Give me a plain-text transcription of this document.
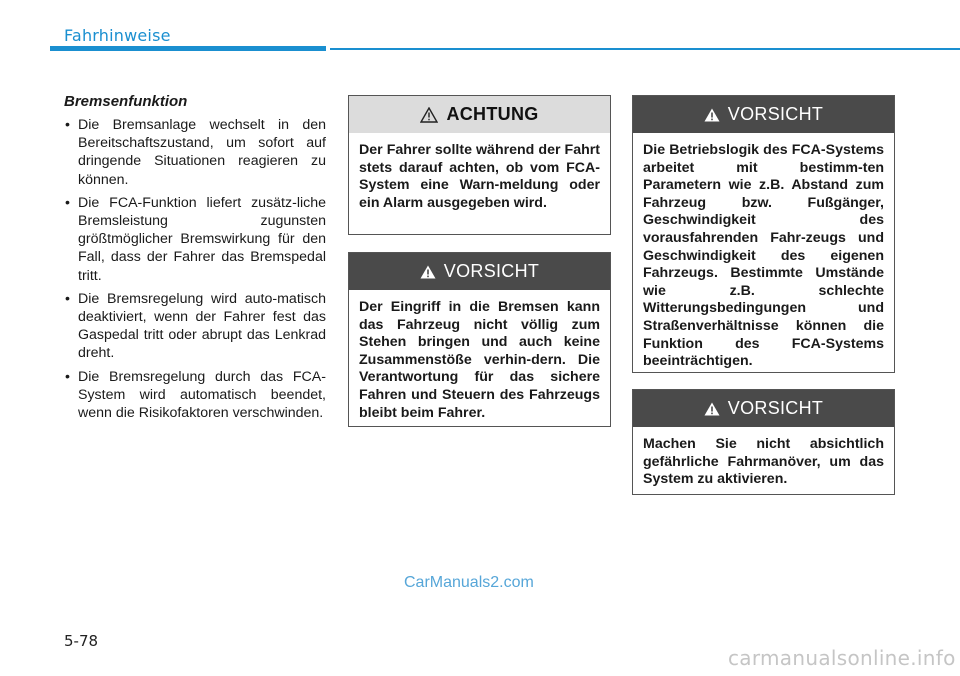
Fahrhinweise
Bremsenfunktion
• Die Bremsanlage wechselt in den Bereitschaftszustand, um sofort auf dringende Situationen reagieren zu können.
• Die FCA-Funktion liefert zusätz-liche Bremsleistung zugunsten größtmöglicher Bremswirkung für den Fall, dass der Fahrer das Bremspedal tritt.
• Die Bremsregelung wird auto-matisch deaktiviert, wenn der Fahrer fest das Gaspedal tritt oder abrupt das Lenkrad dreht.
• Die Bremsregelung durch das FCA-System wird automatisch beendet, wenn die Risikofaktoren verschwinden.
ACHTUNG
Der Fahrer sollte während der Fahrt stets darauf achten, ob vom FCA-System eine Warn-meldung oder ein Alarm ausgegeben wird.
VORSICHT
Der Eingriff in die Bremsen kann das Fahrzeug nicht völlig zum Stehen bringen und auch keine Zusammenstöße verhin-dern. Die Verantwortung für das sichere Fahren und Steuern des Fahrzeugs bleibt beim Fahrer.
VORSICHT
Die Betriebslogik des FCA-Systems arbeitet mit bestimm-ten Parametern wie z.B. Abstand zum Fahrzeug bzw. Fußgänger, Geschwindigkeit des vorausfahrenden Fahr-zeugs und Geschwindigkeit des eigenen Fahrzeugs. Bestimmte Umstände wie z.B. schlechte Witterungsbedingungen und Straßenverhältnisse können die Funktion des FCA-Systems beeinträchtigen.
VORSICHT
Machen Sie nicht absichtlich gefährliche Fahrmanöver, um das System zu aktivieren.
CarManuals2.com
5-78
carmanualsonline.info
